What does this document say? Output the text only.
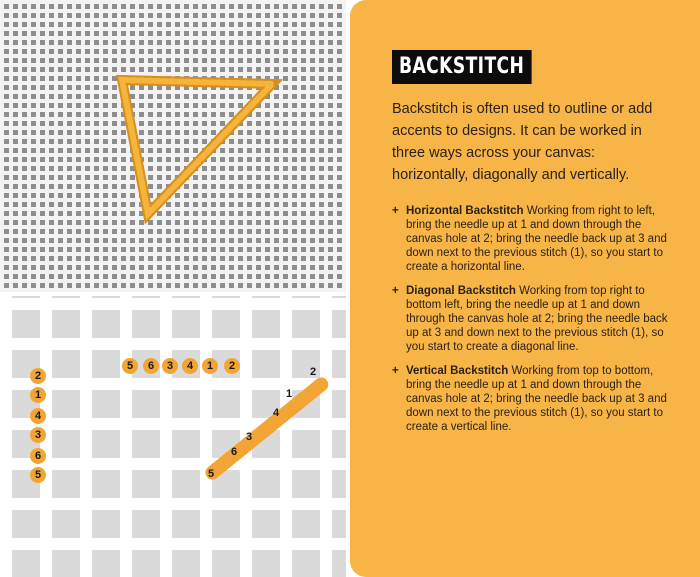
5	6	3	4	1	2
2
1
4
3
6
5
2
1
4
3
6
5
BACKSTITCH
Backstitch is often used to outline or add accents to designs. It can be worked in three ways across your canvas: horizontally, diagonally and vertically.
+ Horizontal Backstitch Working from right to left, bring the needle up at 1 and down through the canvas hole at 2; bring the needle back up at 3 and down next to the previous stitch (1), so you start to create a horizontal line.
+ Diagonal Backstitch Working from top right to bottom left, bring the needle up at 1 and down through the canvas hole at 2; bring the needle back up at 3 and down next to the previous stitch (1), so you start to create a diagonal line.
+ Vertical Backstitch Working from top to bottom, bring the needle up at 1 and down through the canvas hole at 2; bring the needle back up at 3 and down next to the previous stitch (1), so you start to create a vertical line.
